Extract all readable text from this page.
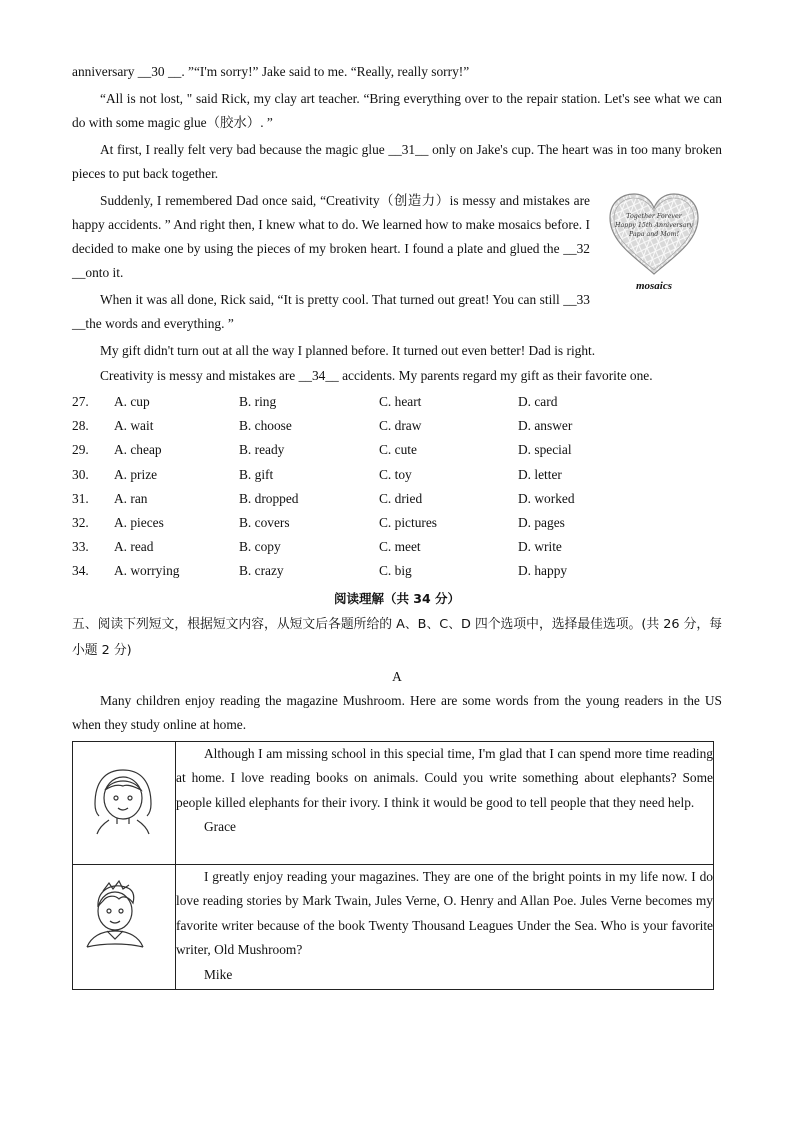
anniversary __30 __. ”“I'm sorry!” Jake said to me. “Really, really sorry!”

“All is not lost, " said Rick, my clay art teacher. “Bring everything over to the repair station. Let's see what we can do with some magic glue（胶水）. ”

At first, I really felt very bad because the magic glue __31__ only on Jake's cup. The heart was in too many broken pieces to put back together.

Suddenly, I remembered Dad once said, “Creativity（创造力）is messy and mistakes are happy accidents. ” And right then, I knew what to do. We learned how to make mosaics before. I decided to make one by using the pieces of my broken heart. I found a plate and glued the __32 __onto it.

When it was all done, Rick said, “It is pretty cool. That turned out great! You can still __33 __the words and everything. ”

My gift didn't turn out at all the way I planned before. It turned out even better! Dad is right.

Creativity is messy and mistakes are __34__ accidents. My parents regard my gift as their favorite one.

Together Forever
Happy 15th Anniversary
Papa and Mom!
mosaics
27.	A. cup	B. ring	C. heart	D. card
28.	A. wait	B. choose	C. draw	D. answer
29.	A. cheap	B. ready	C. cute	D. special
30.	A. prize	B. gift	C. toy	D. letter
31.	A. ran	B. dropped	C. dried	D. worked
32.	A. pieces	B. covers	C. pictures	D. pages
33.	A. read	B. copy	C. meet	D. write
34.	A. worrying	B. crazy	C. big	D. happy
阅读理解（共 34 分）
五、阅读下列短文，根据短文内容，从短文后各题所给的 A、B、C、D 四个选项中，选择最佳选项。(共 26 分，每小题 2 分)
A

Many children enjoy reading the magazine Mushroom. Here are some words from the young readers in the US when they study online at home.

Although I am missing school in this special time, I'm glad that I can spend more time reading at home. I love reading books on animals. Could you write something about elephants? Some people killed elephants for their ivory. I think it would be good to tell people that they need help.

Grace

I greatly enjoy reading your magazines. They are one of the bright points in my life now. I do love reading stories by Mark Twain, Jules Verne, O. Henry and Allan Poe. Jules Verne becomes my favorite writer because of the book Twenty Thousand Leagues Under the Sea. Who is your favorite writer, Old Mushroom?

Mike
